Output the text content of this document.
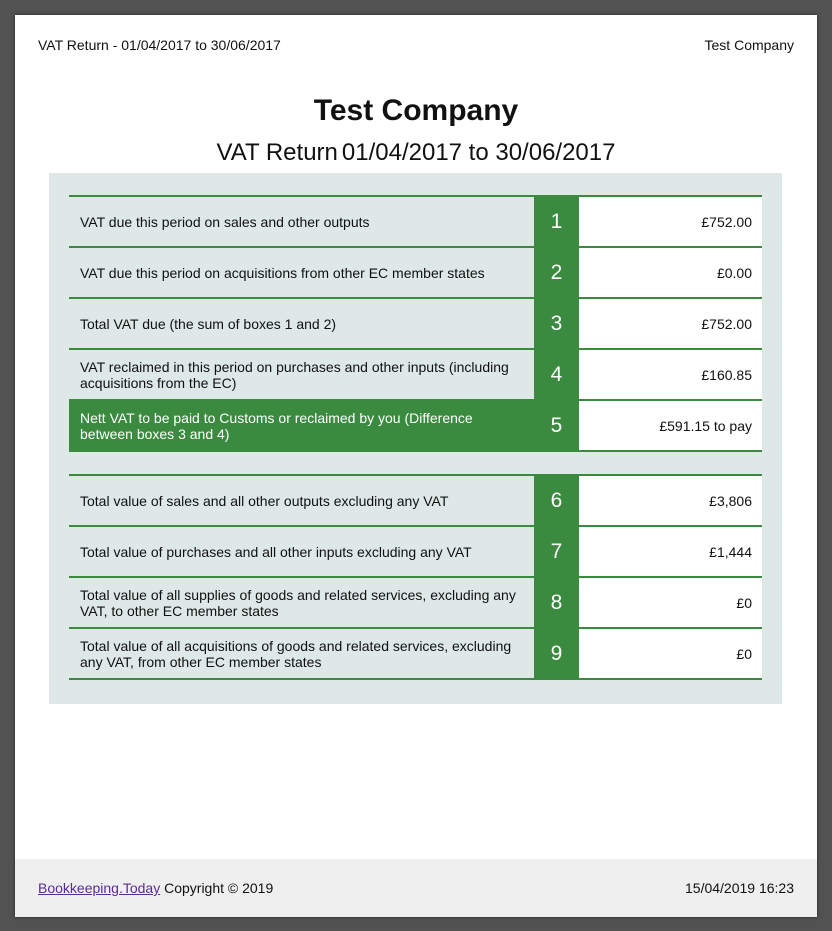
VAT Return - 01/04/2017 to 30/06/2017	Test Company
Test Company
VAT Return 01/04/2017 to 30/06/2017
VAT due this period on sales and other outputs	1	£752.00
VAT due this period on acquisitions from other EC member states	2	£0.00
Total VAT due (the sum of boxes 1 and 2)	3	£752.00
VAT reclaimed in this period on purchases and other inputs (including acquisitions from the EC)	4	£160.85
Nett VAT to be paid to Customs or reclaimed by you (Difference between boxes 3 and 4)	5	£591.15 to pay
Total value of sales and all other outputs excluding any VAT	6	£3,806
Total value of purchases and all other inputs excluding any VAT	7	£1,444
Total value of all supplies of goods and related services, excluding any VAT, to other EC member states	8	£0
Total value of all acquisitions of goods and related services, excluding any VAT, from other EC member states	9	£0
Bookkeeping.Today Copyright © 2019	15/04/2019 16:23
